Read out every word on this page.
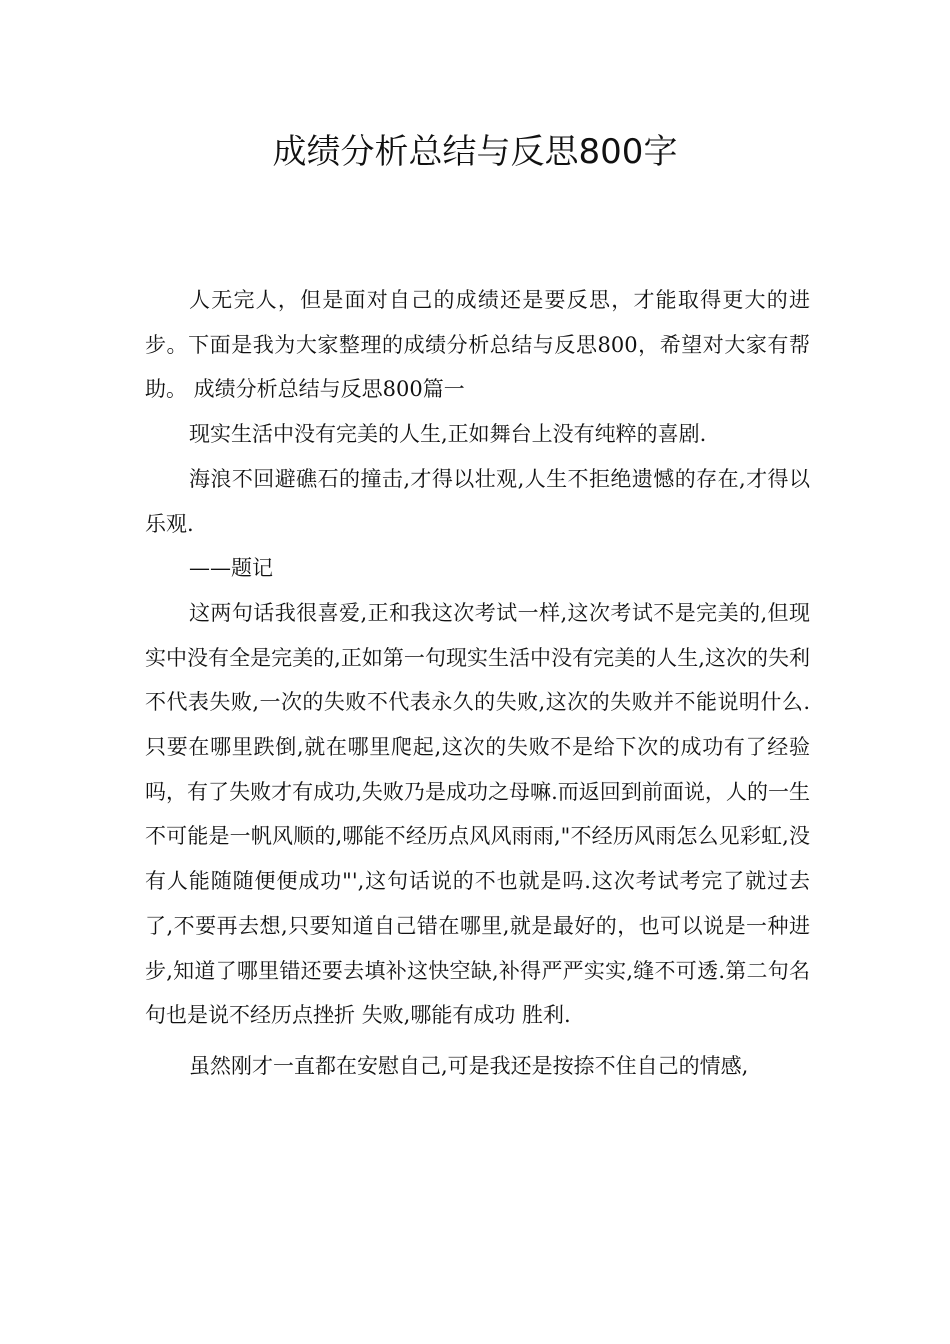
成绩分析总结与反思800字

人无完人，但是面对自己的成绩还是要反思，才能取得更大的进步。下面是我为大家整理的成绩分析总结与反思800，希望对大家有帮助。 成绩分析总结与反思800篇一

现实生活中没有完美的人生,正如舞台上没有纯粹的喜剧.

海浪不回避礁石的撞击,才得以壮观,人生不拒绝遗憾的存在,才得以乐观.

——题记

这两句话我很喜爱,正和我这次考试一样,这次考试不是完美的,但现实中没有全是完美的,正如第一句现实生活中没有完美的人生,这次的失利不代表失败,一次的失败不代表永久的失败,这次的失败并不能说明什么.只要在哪里跌倒,就在哪里爬起,这次的失败不是给下次的成功有了经验吗，有了失败才有成功,失败乃是成功之母嘛.而返回到前面说，人的一生不可能是一帆风顺的,哪能不经历点风风雨雨,"不经历风雨怎么见彩虹,没有人能随随便便成功"',这句话说的不也就是吗.这次考试考完了就过去了,不要再去想,只要知道自己错在哪里,就是最好的，也可以说是一种进步,知道了哪里错还要去填补这快空缺,补得严严实实,缝不可透.第二句名句也是说不经历点挫折 失败,哪能有成功 胜利.

虽然刚才一直都在安慰自己,可是我还是按捺不住自己的情感,
